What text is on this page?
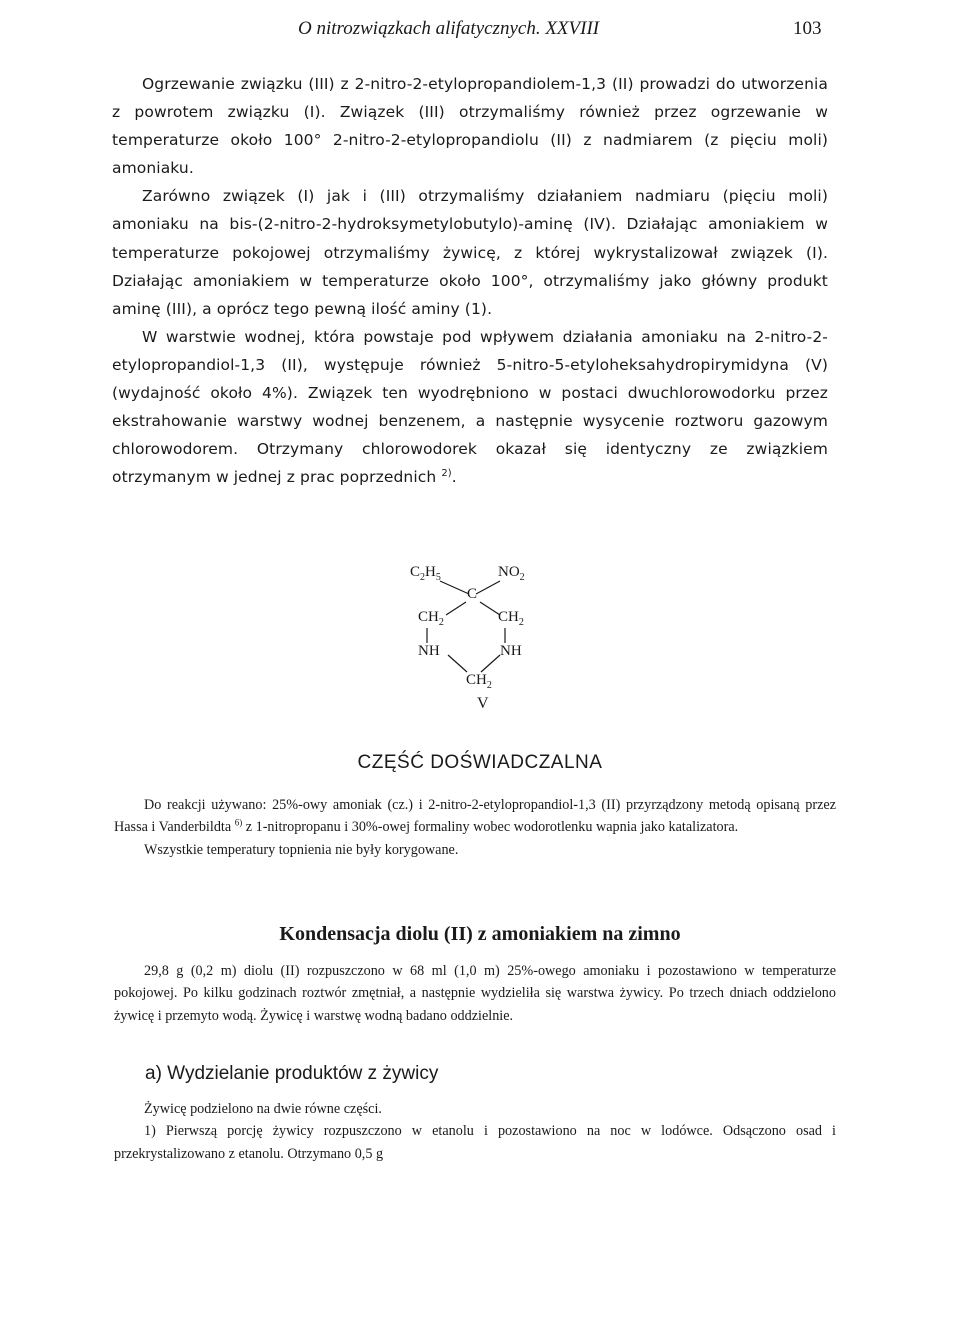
O nitrozwiązkach alifatycznych. XXVIII	103

Ogrzewanie związku (III) z 2-nitro-2-etylopropandiolem-1,3 (II) prowadzi do utworzenia z powrotem związku (I). Związek (III) otrzymaliśmy również przez ogrzewanie w temperaturze około 100° 2-nitro-2-etylopropandiolu (II) z nadmiarem (z pięciu moli) amoniaku.

Zarówno związek (I) jak i (III) otrzymaliśmy działaniem nadmiaru (pięciu moli) amoniaku na bis-(2-nitro-2-hydroksymetylobutylo)-aminę (IV). Działając amoniakiem w temperaturze pokojowej otrzymaliśmy żywicę, z której wykrystalizował związek (I). Działając amoniakiem w temperaturze około 100°, otrzymaliśmy jako główny produkt aminę (III), a oprócz tego pewną ilość aminy (1).

W warstwie wodnej, która powstaje pod wpływem działania amoniaku na 2-nitro-2-etylopropandiol-1,3 (II), występuje również 5-nitro-5-etyloheksahydropirymidyna (V) (wydajność około 4%). Związek ten wyodrębniono w postaci dwuchlorowodorku przez ekstrahowanie warstwy wodnej benzenem, a następnie wysycenie roztworu gazowym chlorowodorem. Otrzymany chlorowodorek okazał się identyczny ze związkiem otrzymanym w jednej z prac poprzednich $^{2)}$.

$C_2H_5$	$NO_2$
C
$CH_2$	$CH_2$
NH	NH
$CH_2$
V
CZĘŚĆ DOŚWIADCZALNA

Do reakcji używano: 25%-owy amoniak (cz.) i 2-nitro-2-etylopropandiol-1,3 (II) przyrządzony metodą opisaną przez Hassa i Vanderbildta $^{6)}$ z 1-nitropropanu i 30%-owej formaliny wobec wodorotlenku wapnia jako katalizatora.

Wszystkie temperatury topnienia nie były korygowane.

Kondensacja diolu (II) z amoniakiem na zimno

29,8 g (0,2 m) diolu (II) rozpuszczono w 68 ml (1,0 m) 25%-owego amoniaku i pozostawiono w temperaturze pokojowej. Po kilku godzinach roztwór zmętniał, a następnie wydzieliła się warstwa żywicy. Po trzech dniach oddzielono żywicę i przemyto wodą. Żywicę i warstwę wodną badano oddzielnie.

a) Wydzielanie produktów z żywicy

Żywicę podzielono na dwie równe części.

1) Pierwszą porcję żywicy rozpuszczono w etanolu i pozostawiono na noc w lodówce. Odsączono osad i przekrystalizowano z etanolu. Otrzymano 0,5 g
